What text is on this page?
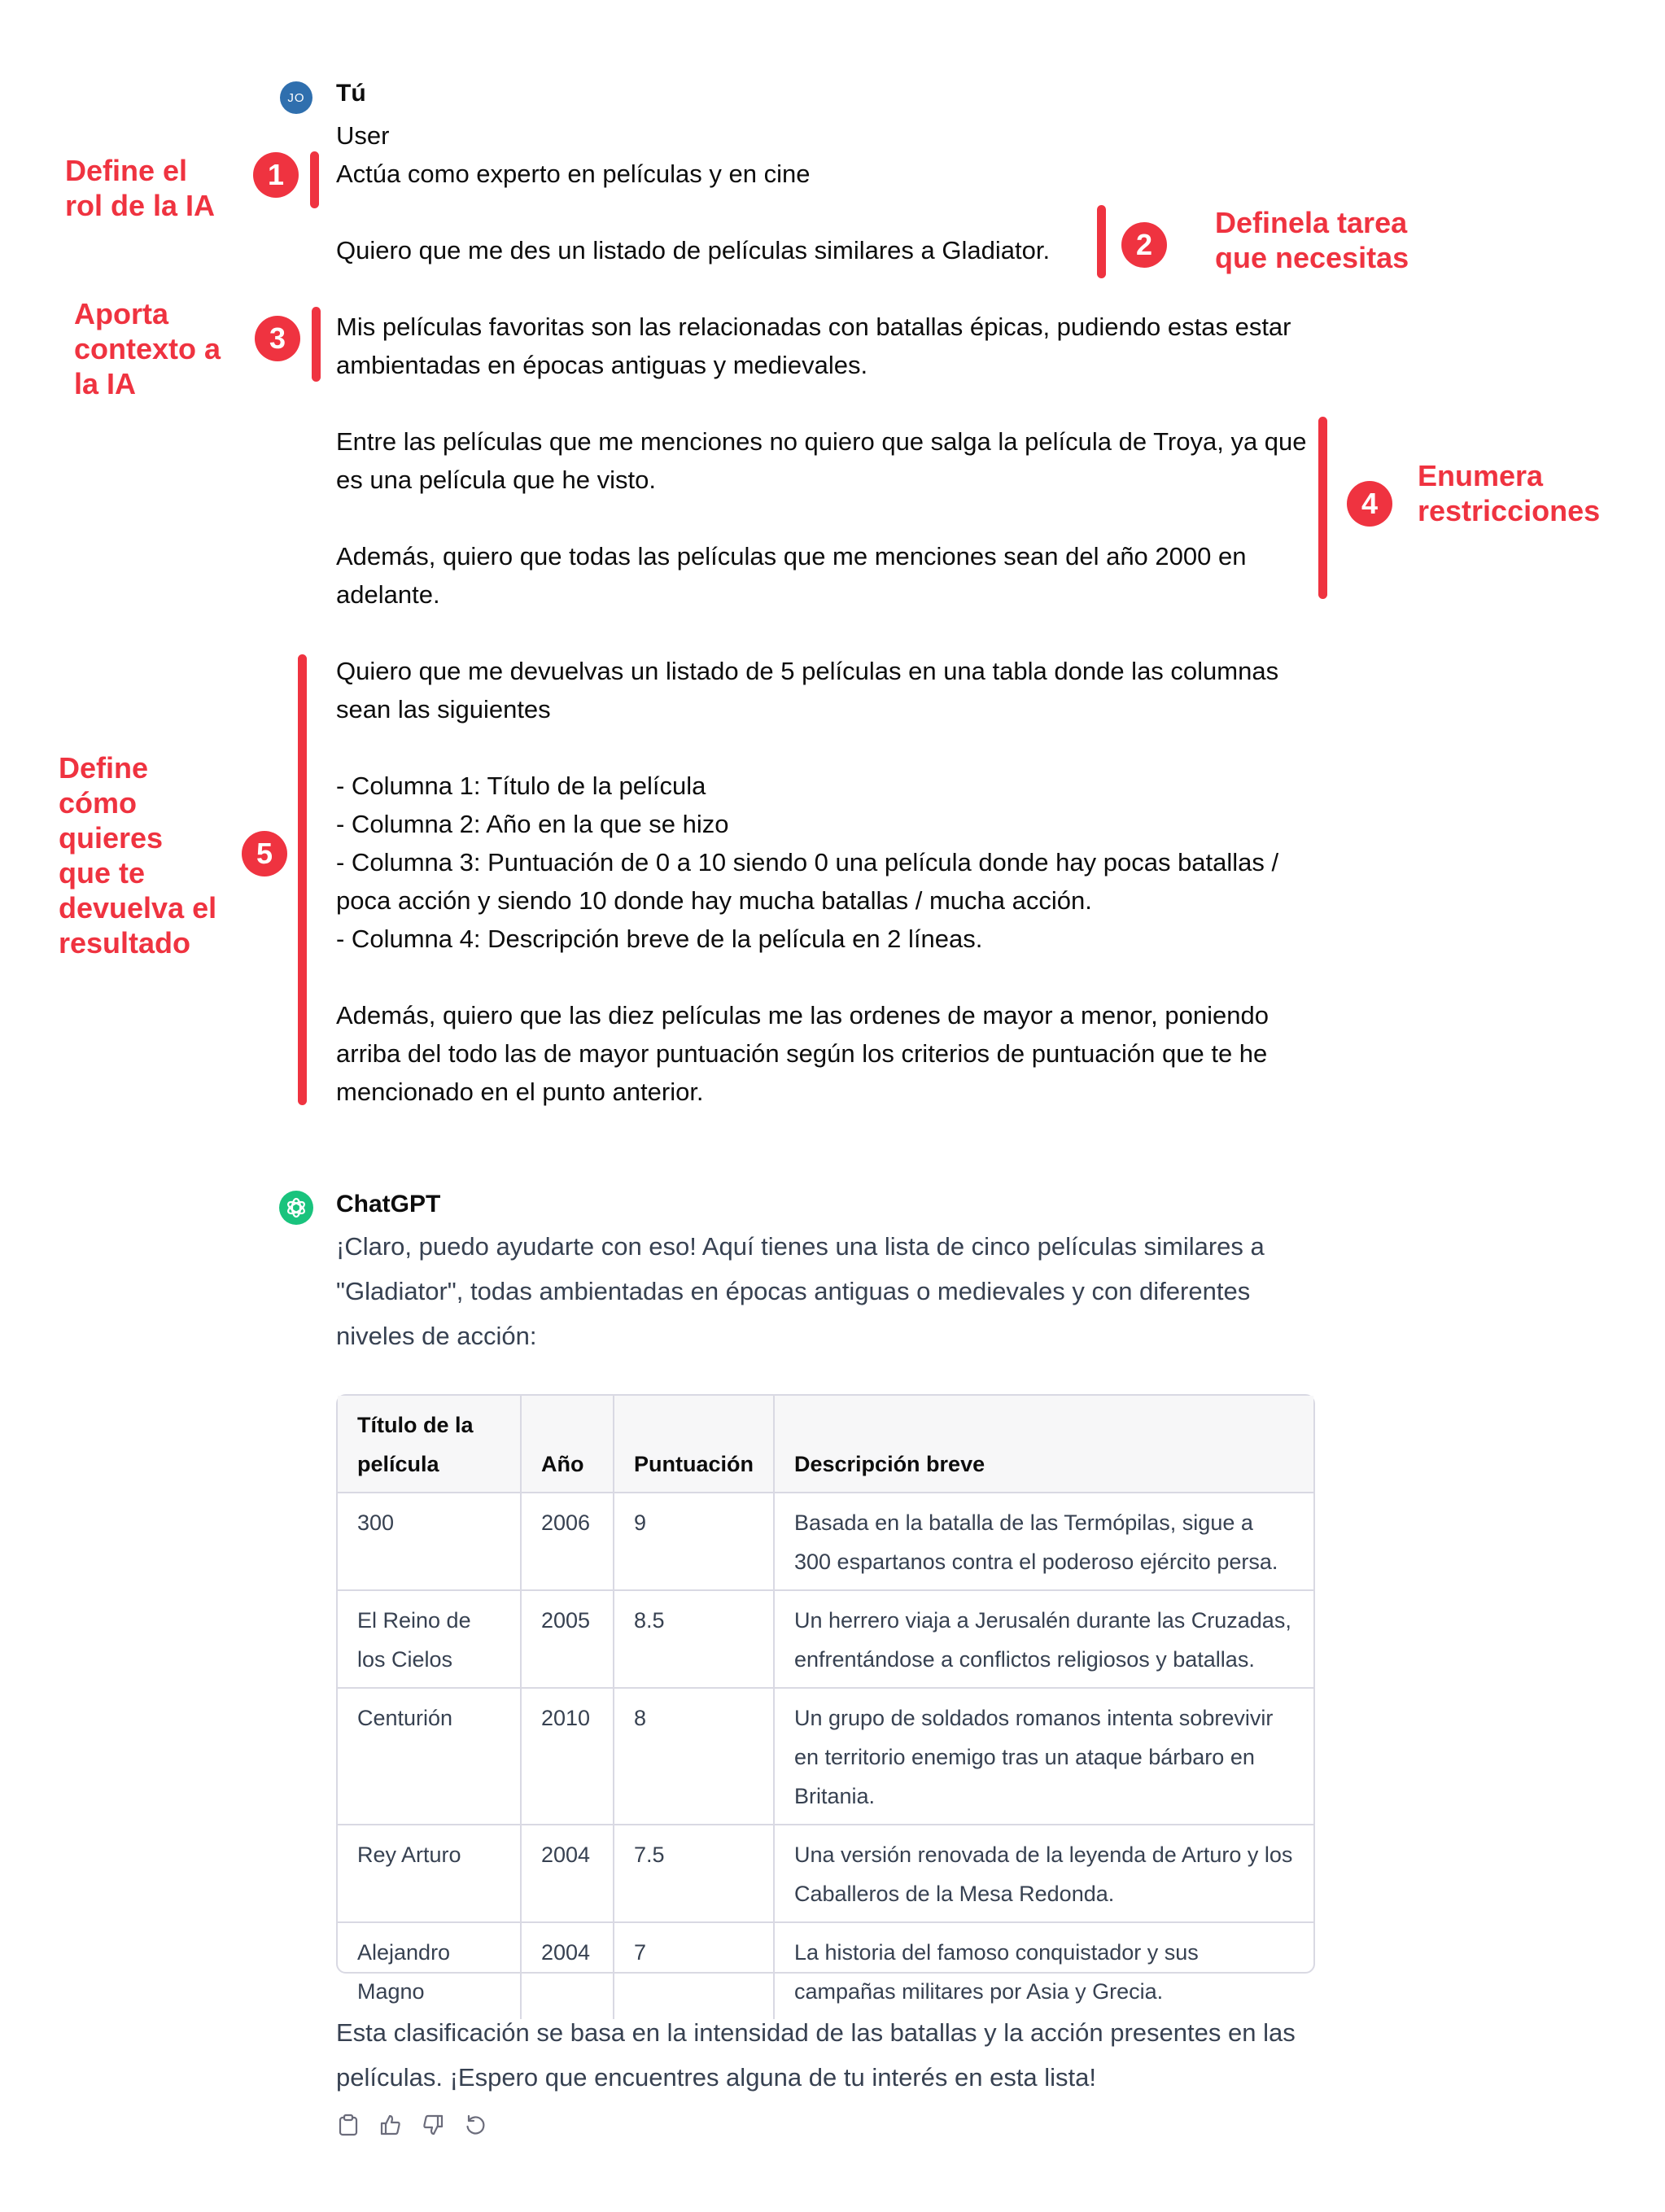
JO Tú
User
Actúa como experto en películas y en cine
Quiero que me des un listado de películas similares a Gladiator.
Mis películas favoritas son las relacionadas con batallas épicas, pudiendo estas estar
ambientadas en épocas antiguas y medievales.
Entre las películas que me menciones no quiero que salga la película de Troya, ya que
es una película que he visto.
Además, quiero que todas las películas que me menciones sean del año 2000 en
adelante.
Quiero que me devuelvas un listado de 5 películas en una tabla donde las columnas
sean las siguientes
- Columna 1: Título de la película
- Columna 2: Año en la que se hizo
- Columna 3: Puntuación de 0 a 10 siendo 0 una película donde hay pocas batallas /
poca acción y siendo 10 donde hay mucha batallas / mucha acción.
- Columna 4: Descripción breve de la película en 2 líneas.
Además, quiero que las diez películas me las ordenes de mayor a menor, poniendo
arriba del todo las de mayor puntuación según los criterios de puntuación que te he
mencionado en el punto anterior.
Define el
rol de la IA
1
2
Definela tarea
que necesitas
Aporta
contexto a
la IA
3
4
Enumera
restricciones
Define
cómo
quieres
que te
devuelva el
resultado
5
ChatGPT
¡Claro, puedo ayudarte con eso! Aquí tienes una lista de cinco películas similares a
"Gladiator", todas ambientadas en épocas antiguas o medievales y con diferentes
niveles de acción:
Título de la película	Año	Puntuación	Descripción breve
300	2006	9	Basada en la batalla de las Termópilas, sigue a 300 espartanos contra el poderoso ejército persa.
El Reino de los Cielos	2005	8.5	Un herrero viaja a Jerusalén durante las Cruzadas, enfrentándose a conflictos religiosos y batallas.
Centurión	2010	8	Un grupo de soldados romanos intenta sobrevivir en territorio enemigo tras un ataque bárbaro en Britania.
Rey Arturo	2004	7.5	Una versión renovada de la leyenda de Arturo y los Caballeros de la Mesa Redonda.
Alejandro Magno	2004	7	La historia del famoso conquistador y sus campañas militares por Asia y Grecia.
Esta clasificación se basa en la intensidad de las batallas y la acción presentes en las
películas. ¡Espero que encuentres alguna de tu interés en esta lista!
